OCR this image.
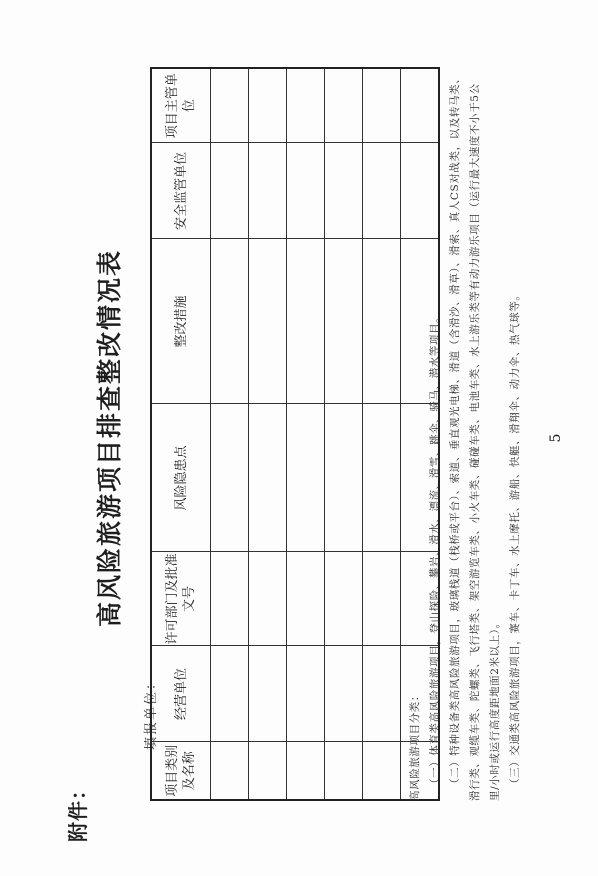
附件：
高风险旅游项目排查整改情况表
填报单位：
项目类别及名称	经营单位	许可部门及批准文号	风险隐患点	整改措施	安全监管单位	项目主管单位

高风险旅游项目分类： （一）体育类高风险旅游项目，登山探险、攀岩、滑水、漂流、滑雪、跳伞、骑马、潜水等项目。 （二）特种设备类高风险旅游项目，玻璃栈道（栈桥或平台）、索道、垂直观光电梯、滑道（含滑沙、滑草）、滑索、真人CS对战类，以及转马类、滑行类、观缆车类、陀螺类、飞行塔类、架空游览车类、小火车类、碰碰车类、电池车类、水上游乐类等有动力游乐项目（运行最大速度不小于5公里/小时或运行高度距地面2米以上）。 （三）交通类高风险旅游项目，赛车、卡丁车、水上摩托、游船、快艇、滑翔伞、动力伞、热气球等。 5
